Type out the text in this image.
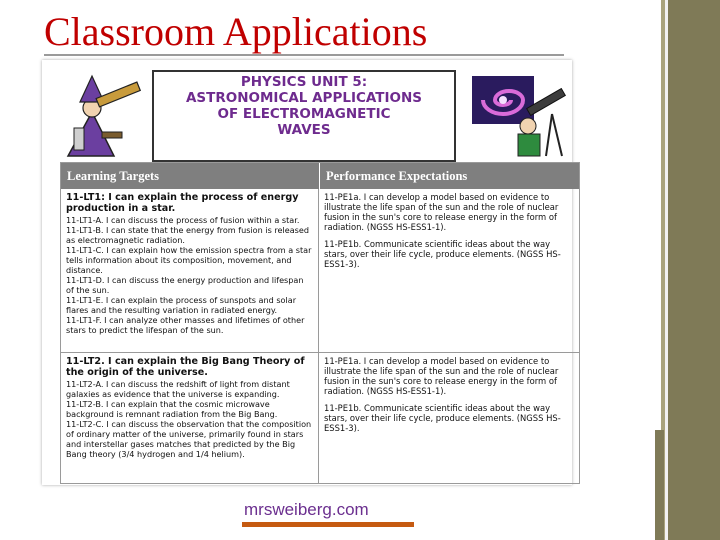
Classroom Applications
PHYSICS UNIT 5:
ASTRONOMICAL APPLICATIONS
OF ELECTROMAGNETIC
WAVES
Learning Targets	Performance Expectations
11-LT1: I can explain the process of energy production in a star.
11-LT1-A. I can discuss the process of fusion within a star.
11-LT1-B. I can state that the energy from fusion is released as electromagnetic radiation.
11-LT1-C. I can explain how the emission spectra from a star tells information about its composition, movement, and distance.
11-LT1-D. I can discuss the energy production and lifespan of the sun.
11-LT1-E. I can explain the process of sunspots and solar flares and the resulting variation in radiated energy.
11-LT1-F. I can analyze other masses and lifetimes of other stars to predict the lifespan of the sun.
11-PE1a. I can develop a model based on evidence to illustrate the life span of the sun and the role of nuclear fusion in the sun's core to release energy in the form of radiation. (NGSS HS-ESS1-1).
11-PE1b. Communicate scientific ideas about the way stars, over their life cycle, produce elements. (NGSS HS-ESS1-3).
11-LT2. I can explain the Big Bang Theory of the origin of the universe.
11-LT2-A. I can discuss the redshift of light from distant galaxies as evidence that the universe is expanding.
11-LT2-B. I can explain that the cosmic microwave background is remnant radiation from the Big Bang.
11-LT2-C. I can discuss the observation that the composition of ordinary matter of the universe, primarily found in stars and interstellar gases matches that predicted by the Big Bang theory (3/4 hydrogen and 1/4 helium).
11-PE1a. I can develop a model based on evidence to illustrate the life span of the sun and the role of nuclear fusion in the sun's core to release energy in the form of radiation. (NGSS HS-ESS1-1).
11-PE1b. Communicate scientific ideas about the way stars, over their life cycle, produce elements. (NGSS HS-ESS1-3).
mrsweiberg.com
